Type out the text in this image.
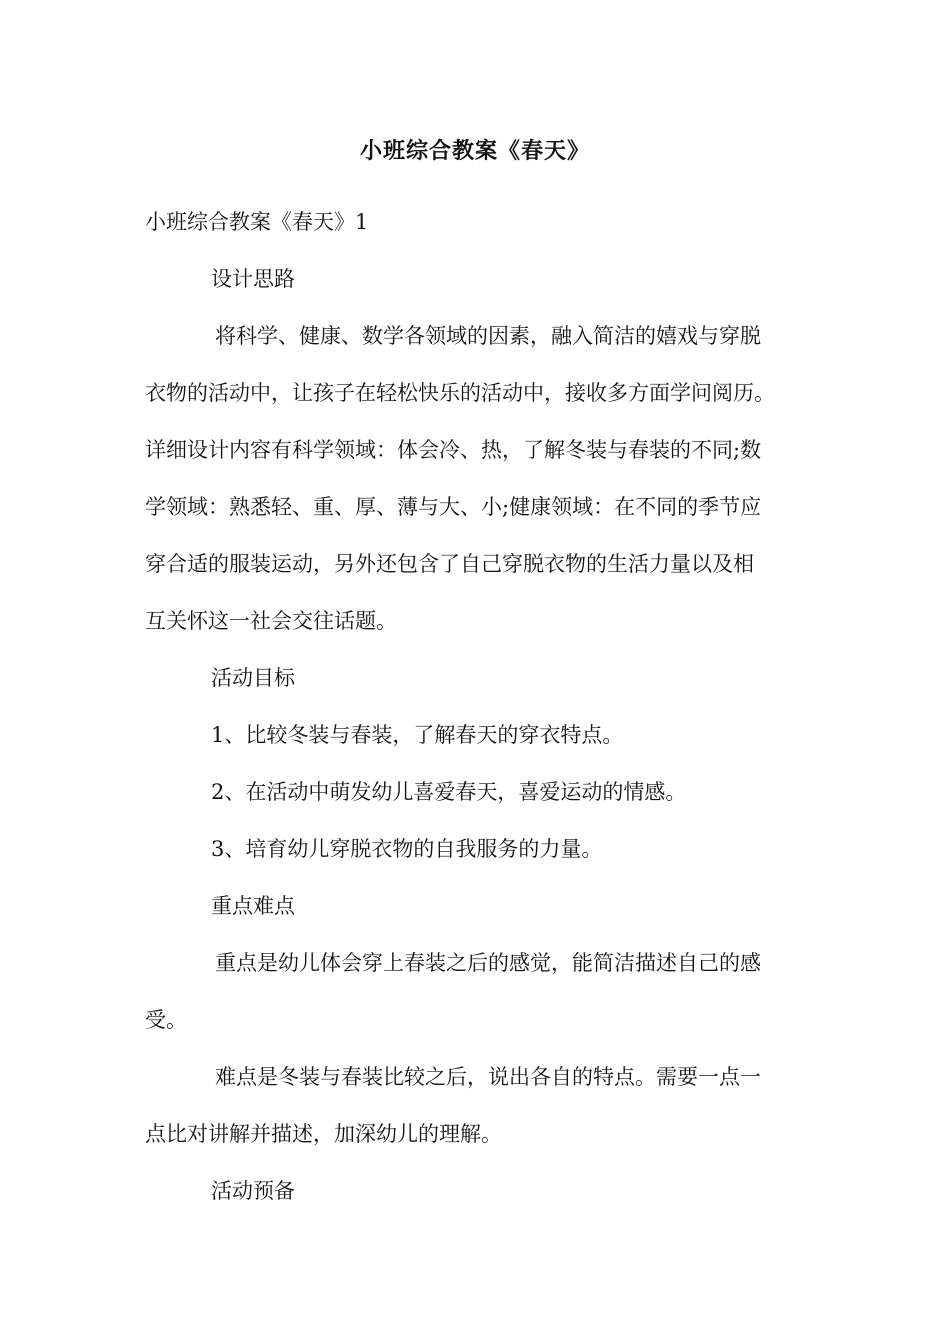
小班综合教案《春天》
小班综合教案《春天》1
设计思路
将科学、健康、数学各领域的因素，融入简洁的嬉戏与穿脱
衣物的活动中，让孩子在轻松快乐的活动中，接收多方面学问阅历。
详细设计内容有科学领域：体会冷、热，了解冬装与春装的不同;数
学领域：熟悉轻、重、厚、薄与大、小;健康领域：在不同的季节应
穿合适的服装运动，另外还包含了自己穿脱衣物的生活力量以及相
互关怀这一社会交往话题。
活动目标
1、比较冬装与春装，了解春天的穿衣特点。
2、在活动中萌发幼儿喜爱春天，喜爱运动的情感。
3、培育幼儿穿脱衣物的自我服务的力量。
重点难点
重点是幼儿体会穿上春装之后的感觉，能简洁描述自己的感
受。
难点是冬装与春装比较之后，说出各自的特点。需要一点一
点比对讲解并描述，加深幼儿的理解。
活动预备
